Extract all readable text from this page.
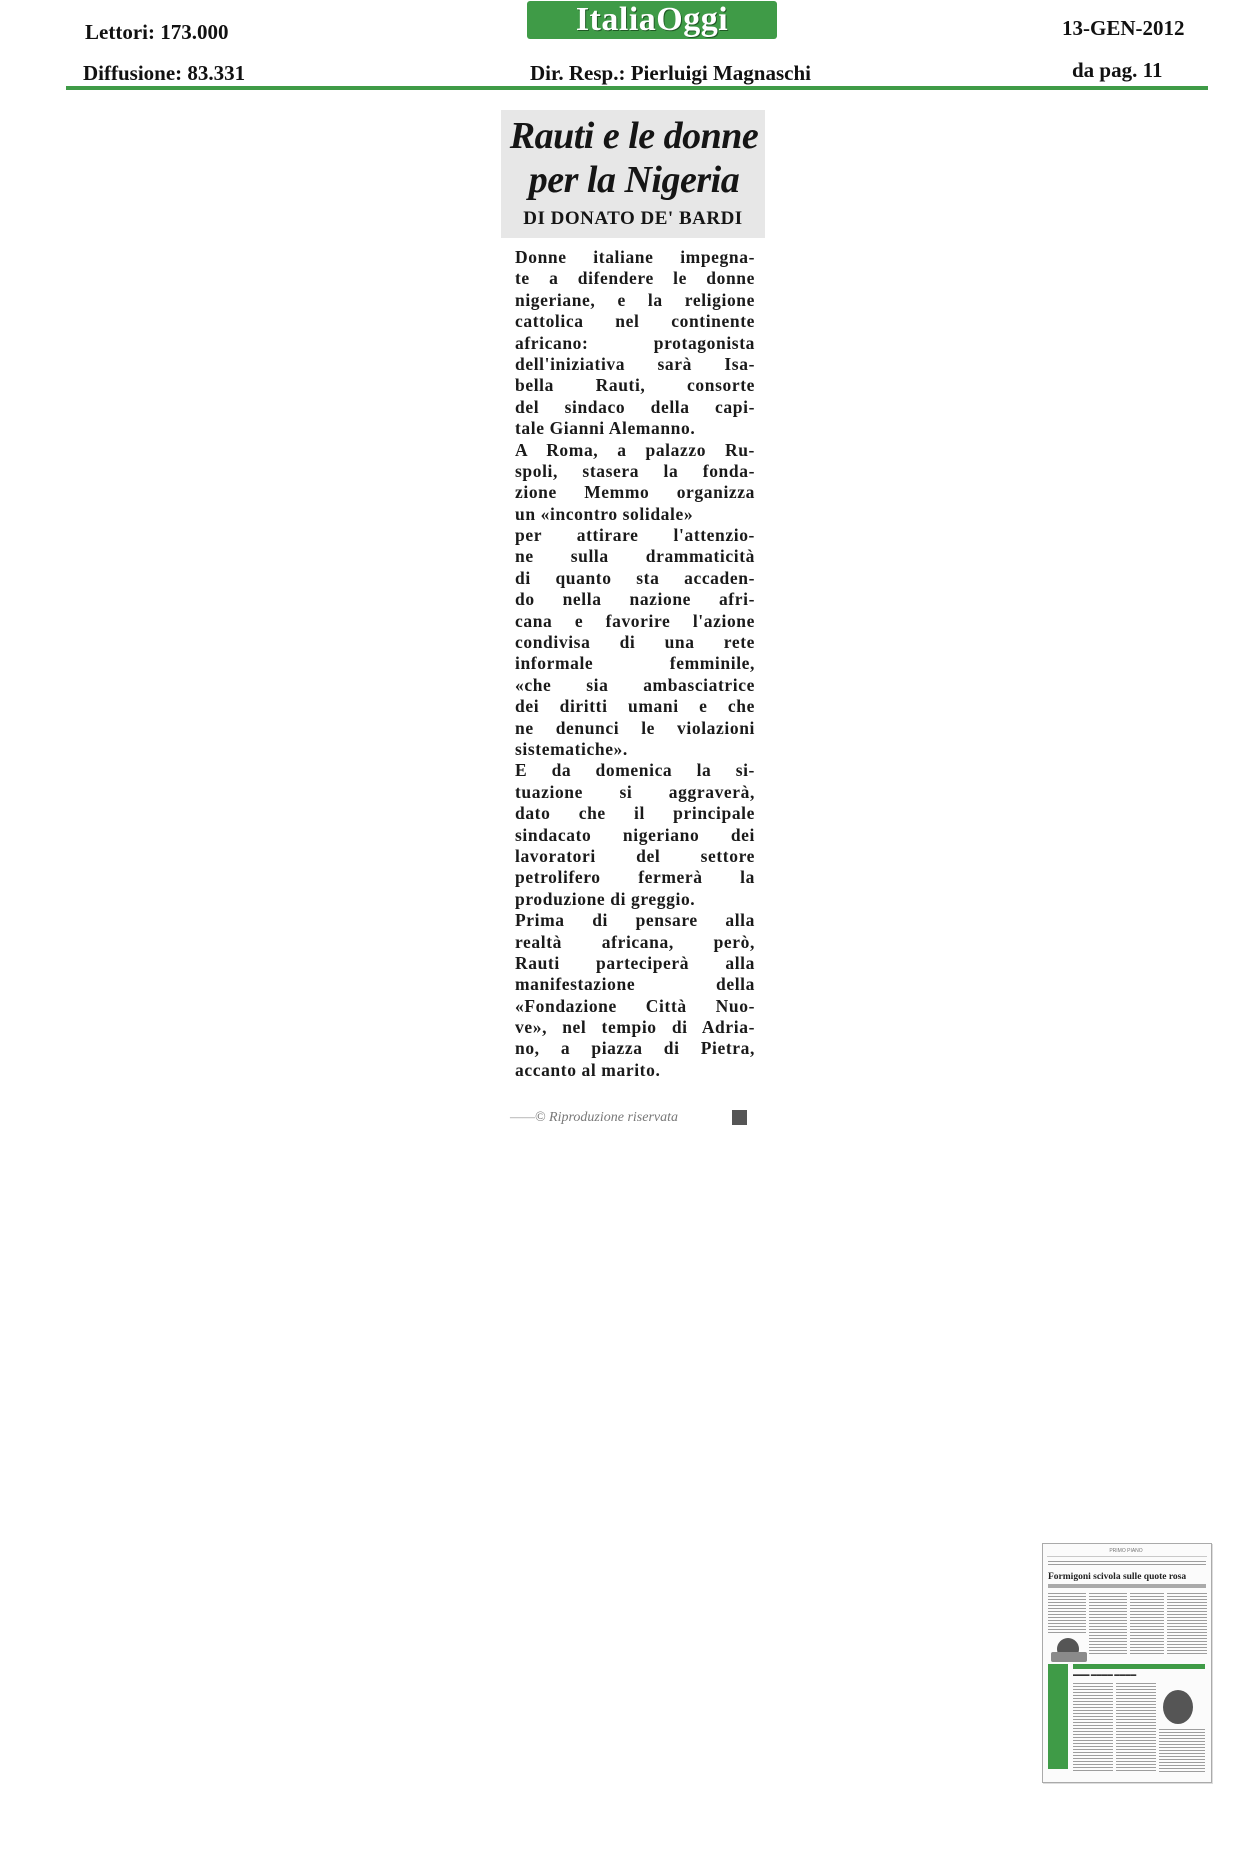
Lettori: 173.000
Diffusione: 83.331
ItaliaOggi
Dir. Resp.: Pierluigi Magnaschi
13-GEN-2012
da pag. 11
Rauti e le donne
per la Nigeria
DI DONATO DE' BARDI
Donne italiane impegna-
te a difendere le donne
nigeriane, e la religione
cattolica nel continente
africano: protagonista
dell'iniziativa sarà Isa-
bella Rauti, consorte
del sindaco della capi-
tale Gianni Alemanno.
A Roma, a palazzo Ru-
spoli, stasera la fonda-
zione Memmo organizza
un «incontro solidale»
per attirare l'attenzio-
ne sulla drammaticità
di quanto sta accaden-
do nella nazione afri-
cana e favorire l'azione
condivisa di una rete
informale femminile,
«che sia ambasciatrice
dei diritti umani e che
ne denunci le violazioni
sistematiche».
E da domenica la si-
tuazione si aggraverà,
dato che il principale
sindacato nigeriano dei
lavoratori del settore
petrolifero fermerà la
produzione di greggio.
Prima di pensare alla
realtà africana, però,
Rauti parteciperà alla
manifestazione della
«Fondazione Città Nuo-
ve», nel tempio di Adria-
no, a piazza di Pietra,
accanto al marito.
——© Riproduzione riservata
PRIMO PIANO
Formigoni scivola sulle quote rosa
▬▬▬ ▬▬▬▬ ▬▬▬▬
